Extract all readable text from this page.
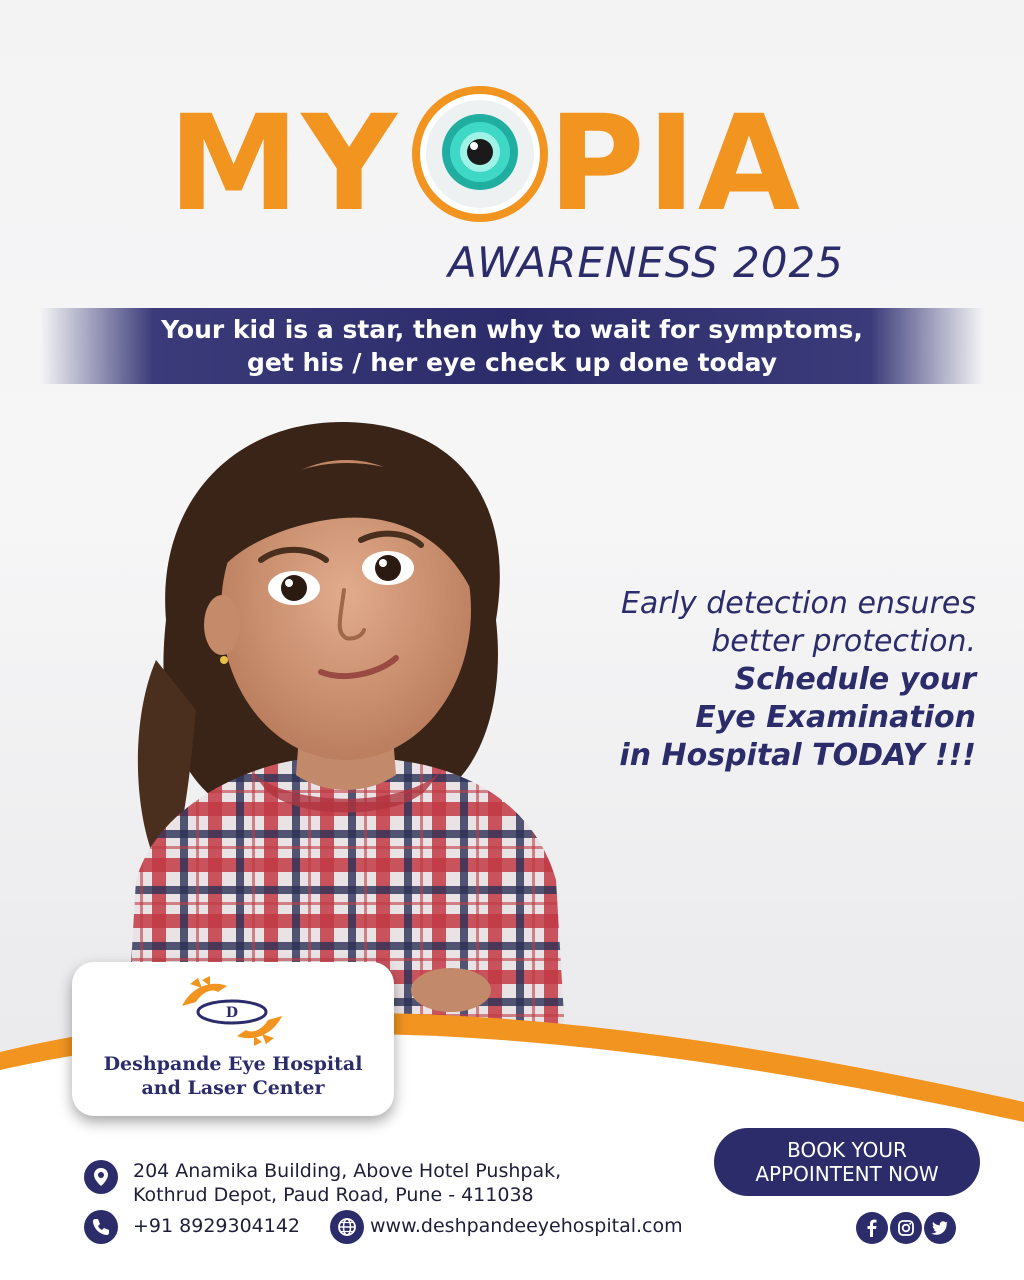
MY PIA
AWARENESS 2025
Your kid is a star, then why to wait for symptoms,
get his / her eye check up done today
Early detection ensures
better protection.
Schedule your
Eye Examination
in Hospital TODAY !!!
D
Deshpande Eye Hospital
and Laser Center
204 Anamika Building, Above Hotel Pushpak,
Kothrud Depot, Paud Road, Pune - 411038
+91 8929304142	www.deshpandeeyehospital.com
BOOK YOUR
APPOINTENT NOW
